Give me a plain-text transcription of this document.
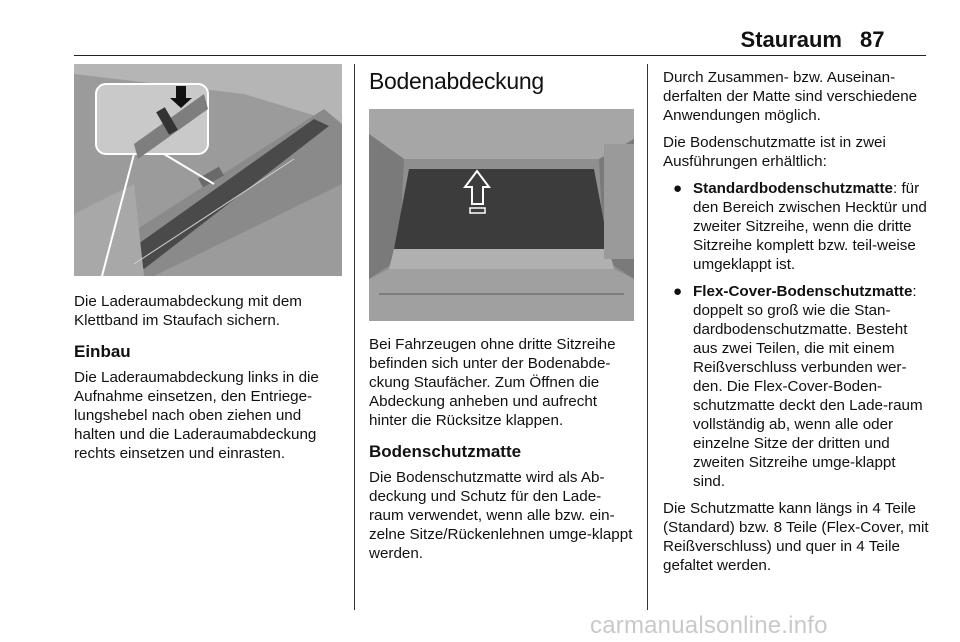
Stauraum 87

Die Laderaumabdeckung mit dem Klettband im Staufach sichern.

Einbau

Die Laderaumabdeckung links in die Aufnahme einsetzen, den Entriege-lungshebel nach oben ziehen und halten und die Laderaumabdeckung rechts einsetzen und einrasten.

Bodenabdeckung

Bei Fahrzeugen ohne dritte Sitzreihe befinden sich unter der Bodenabde-ckung Staufächer. Zum Öffnen die Abdeckung anheben und aufrecht hinter die Rücksitze klappen.

Bodenschutzmatte

Die Bodenschutzmatte wird als Ab-deckung und Schutz für den Lade-raum verwendet, wenn alle bzw. ein-zelne Sitze/Rückenlehnen umge-klappt werden.

Durch Zusammen- bzw. Auseinan-derfalten der Matte sind verschiedene Anwendungen möglich.

Die Bodenschutzmatte ist in zwei Ausführungen erhältlich:

● Standardbodenschutzmatte: für den Bereich zwischen Hecktür und zweiter Sitzreihe, wenn die dritte Sitzreihe komplett bzw. teil-weise umgeklappt ist.
● Flex-Cover-Bodenschutzmatte: doppelt so groß wie die Stan-dardbodenschutzmatte. Besteht aus zwei Teilen, die mit einem Reißverschluss verbunden wer-den. Die Flex-Cover-Boden-schutzmatte deckt den Lade-raum vollständig ab, wenn alle oder einzelne Sitze der dritten und zweiten Sitzreihe umge-klappt sind.

Die Schutzmatte kann längs in 4 Teile (Standard) bzw. 8 Teile (Flex-Cover, mit Reißverschluss) und quer in 4 Teile gefaltet werden.

carmanualsonline.info
